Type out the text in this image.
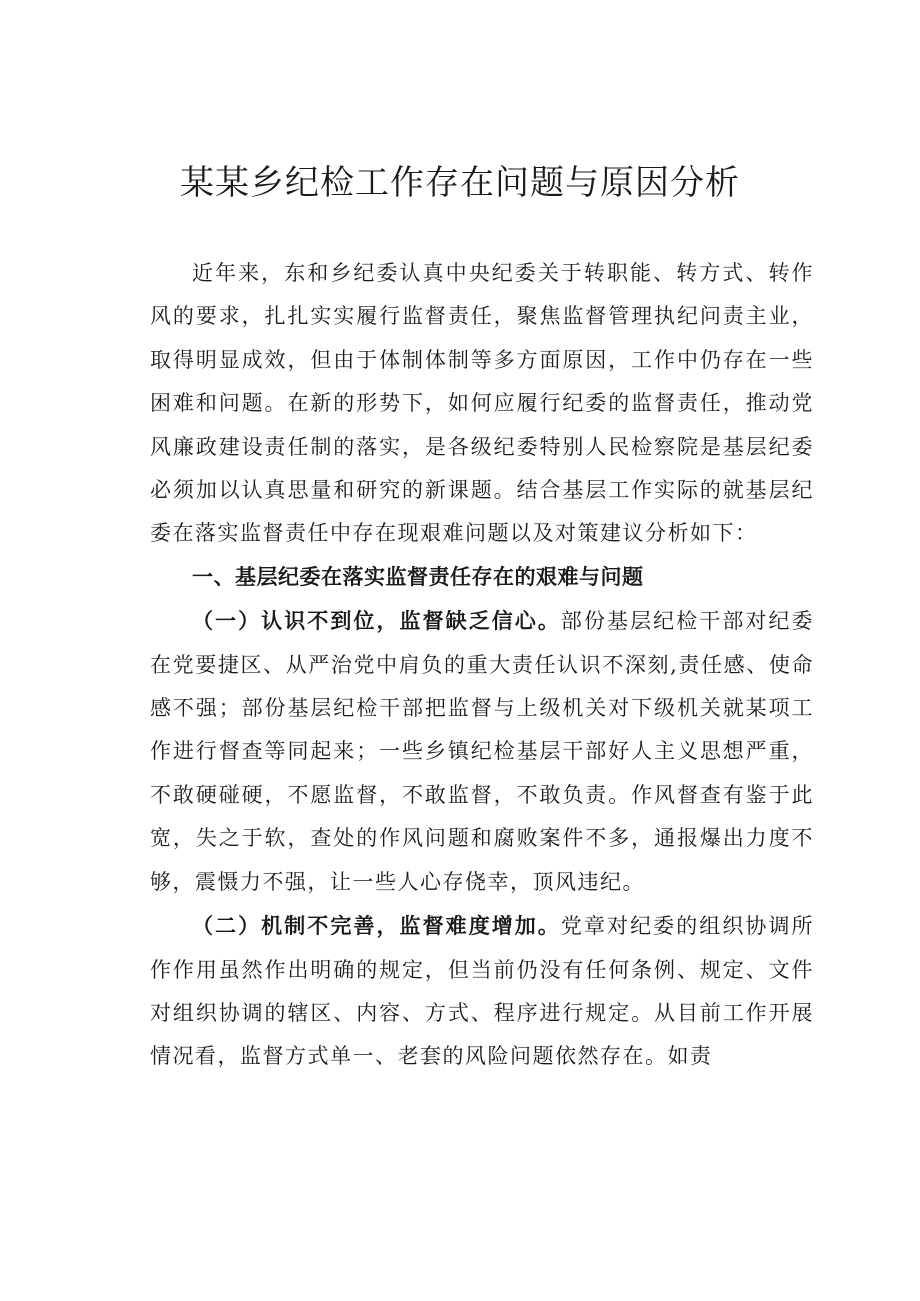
某某乡纪检工作存在问题与原因分析

近年来，东和乡纪委认真中央纪委关于转职能、转方式、转作风的要求，扎扎实实履行监督责任，聚焦监督管理执纪问责主业，取得明显成效，但由于体制体制等多方面原因，工作中仍存在一些困难和问题。在新的形势下，如何应履行纪委的监督责任，推动党风廉政建设责任制的落实，是各级纪委特别人民检察院是基层纪委必须加以认真思量和研究的新课题。结合基层工作实际的就基层纪委在落实监督责任中存在现艰难问题以及对策建议分析如下：

一、基层纪委在落实监督责任存在的艰难与问题

（一）认识不到位，监督缺乏信心。部份基层纪检干部对纪委在党要捷区、从严治党中肩负的重大责任认识不深刻,责任感、使命感不强；部份基层纪检干部把监督与上级机关对下级机关就某项工作进行督查等同起来；一些乡镇纪检基层干部好人主义思想严重，不敢硬碰硬，不愿监督，不敢监督，不敢负责。作风督查有鉴于此宽，失之于软，查处的作风问题和腐败案件不多，通报爆出力度不够，震慑力不强，让一些人心存侥幸，顶风违纪。

（二）机制不完善，监督难度增加。党章对纪委的组织协调所作作用虽然作出明确的规定，但当前仍没有任何条例、规定、文件对组织协调的辖区、内容、方式、程序进行规定。从目前工作开展情况看，监督方式单一、老套的风险问题依然存在。如责
